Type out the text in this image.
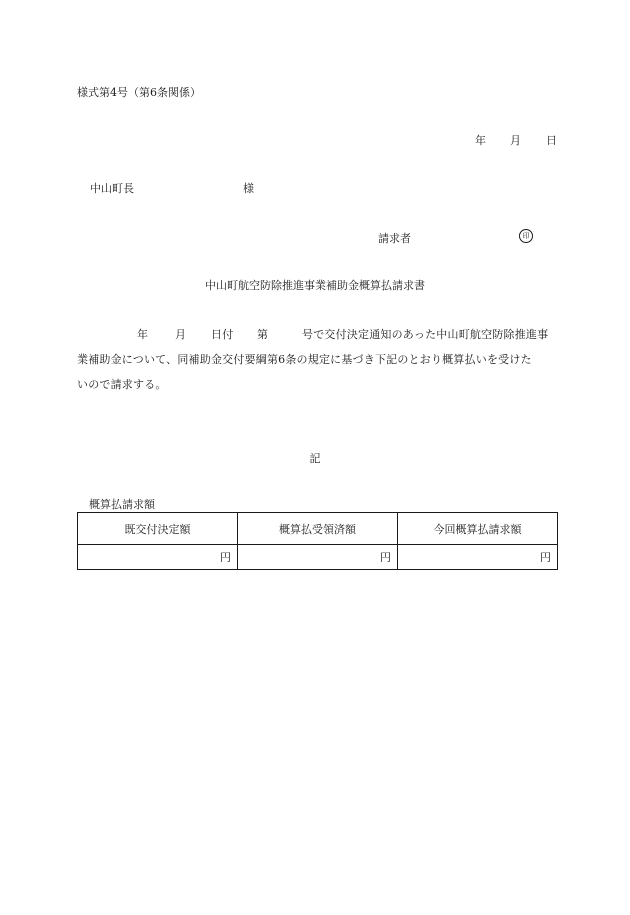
様式第4号（第6条関係）
年 月 日
中山町長	様
請求者	印
中山町航空防除推進事業補助金概算払請求書
年 月 日付 第	号で交付決定通知のあった中山町航空防除推進事
業補助金について、同補助金交付要綱第6条の規定に基づき下記のとおり概算払いを受けた
いので請求する。
記
概算払請求額
既交付決定額	概算払受領済額	今回概算払請求額
円	円	円
